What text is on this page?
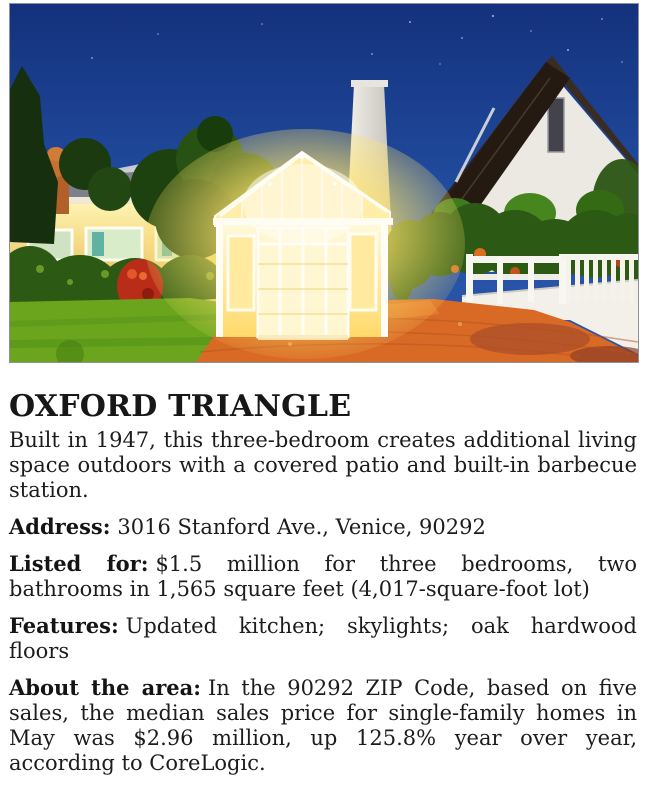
OXFORD TRIANGLE

Built in 1947, this three-bedroom creates additional living space outdoors with a covered patio and built-in barbecue station.

Address: 3016 Stanford Ave., Venice, 90292

Listed for: $1.5 million for three bedrooms, two bathrooms in 1,565 square feet (4,017-square-foot lot)

Features: Updated kitchen; skylights; oak hardwood floors

About the area: In the 90292 ZIP Code, based on five sales, the median sales price for single-family homes in May was $2.96 million, up 125.8% year over year, according to CoreLogic.
